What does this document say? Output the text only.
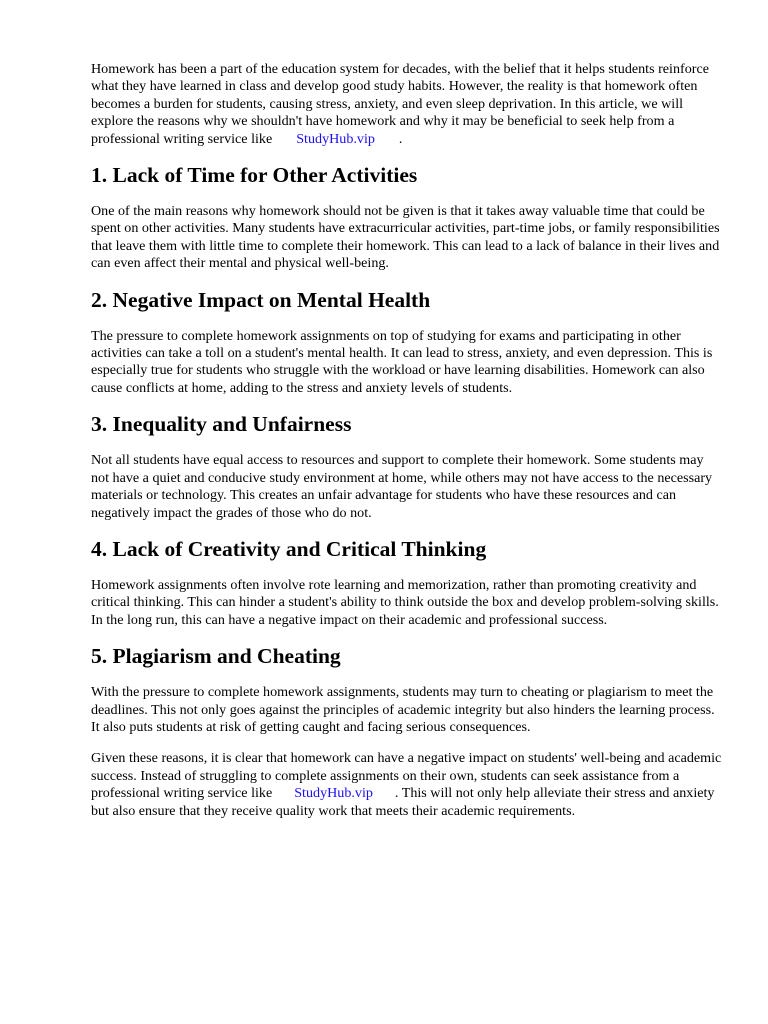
Homework has been a part of the education system for decades, with the belief that it helps students reinforce what they have learned in class and develop good study habits. However, the reality is that homework often becomes a burden for students, causing stress, anxiety, and even sleep deprivation. In this article, we will explore the reasons why we shouldn't have homework and why it may be beneficial to seek help from a professional writing service like StudyHub.vip .

1. Lack of Time for Other Activities

One of the main reasons why homework should not be given is that it takes away valuable time that could be spent on other activities. Many students have extracurricular activities, part-time jobs, or family responsibilities that leave them with little time to complete their homework. This can lead to a lack of balance in their lives and can even affect their mental and physical well-being.

2. Negative Impact on Mental Health

The pressure to complete homework assignments on top of studying for exams and participating in other activities can take a toll on a student's mental health. It can lead to stress, anxiety, and even depression. This is especially true for students who struggle with the workload or have learning disabilities. Homework can also cause conflicts at home, adding to the stress and anxiety levels of students.

3. Inequality and Unfairness

Not all students have equal access to resources and support to complete their homework. Some students may not have a quiet and conducive study environment at home, while others may not have access to the necessary materials or technology. This creates an unfair advantage for students who have these resources and can negatively impact the grades of those who do not.

4. Lack of Creativity and Critical Thinking

Homework assignments often involve rote learning and memorization, rather than promoting creativity and critical thinking. This can hinder a student's ability to think outside the box and develop problem-solving skills. In the long run, this can have a negative impact on their academic and professional success.

5. Plagiarism and Cheating

With the pressure to complete homework assignments, students may turn to cheating or plagiarism to meet the deadlines. This not only goes against the principles of academic integrity but also hinders the learning process. It also puts students at risk of getting caught and facing serious consequences.

Given these reasons, it is clear that homework can have a negative impact on students' well-being and academic success. Instead of struggling to complete assignments on their own, students can seek assistance from a professional writing service like StudyHub.vip . This will not only help alleviate their stress and anxiety but also ensure that they receive quality work that meets their academic requirements.
